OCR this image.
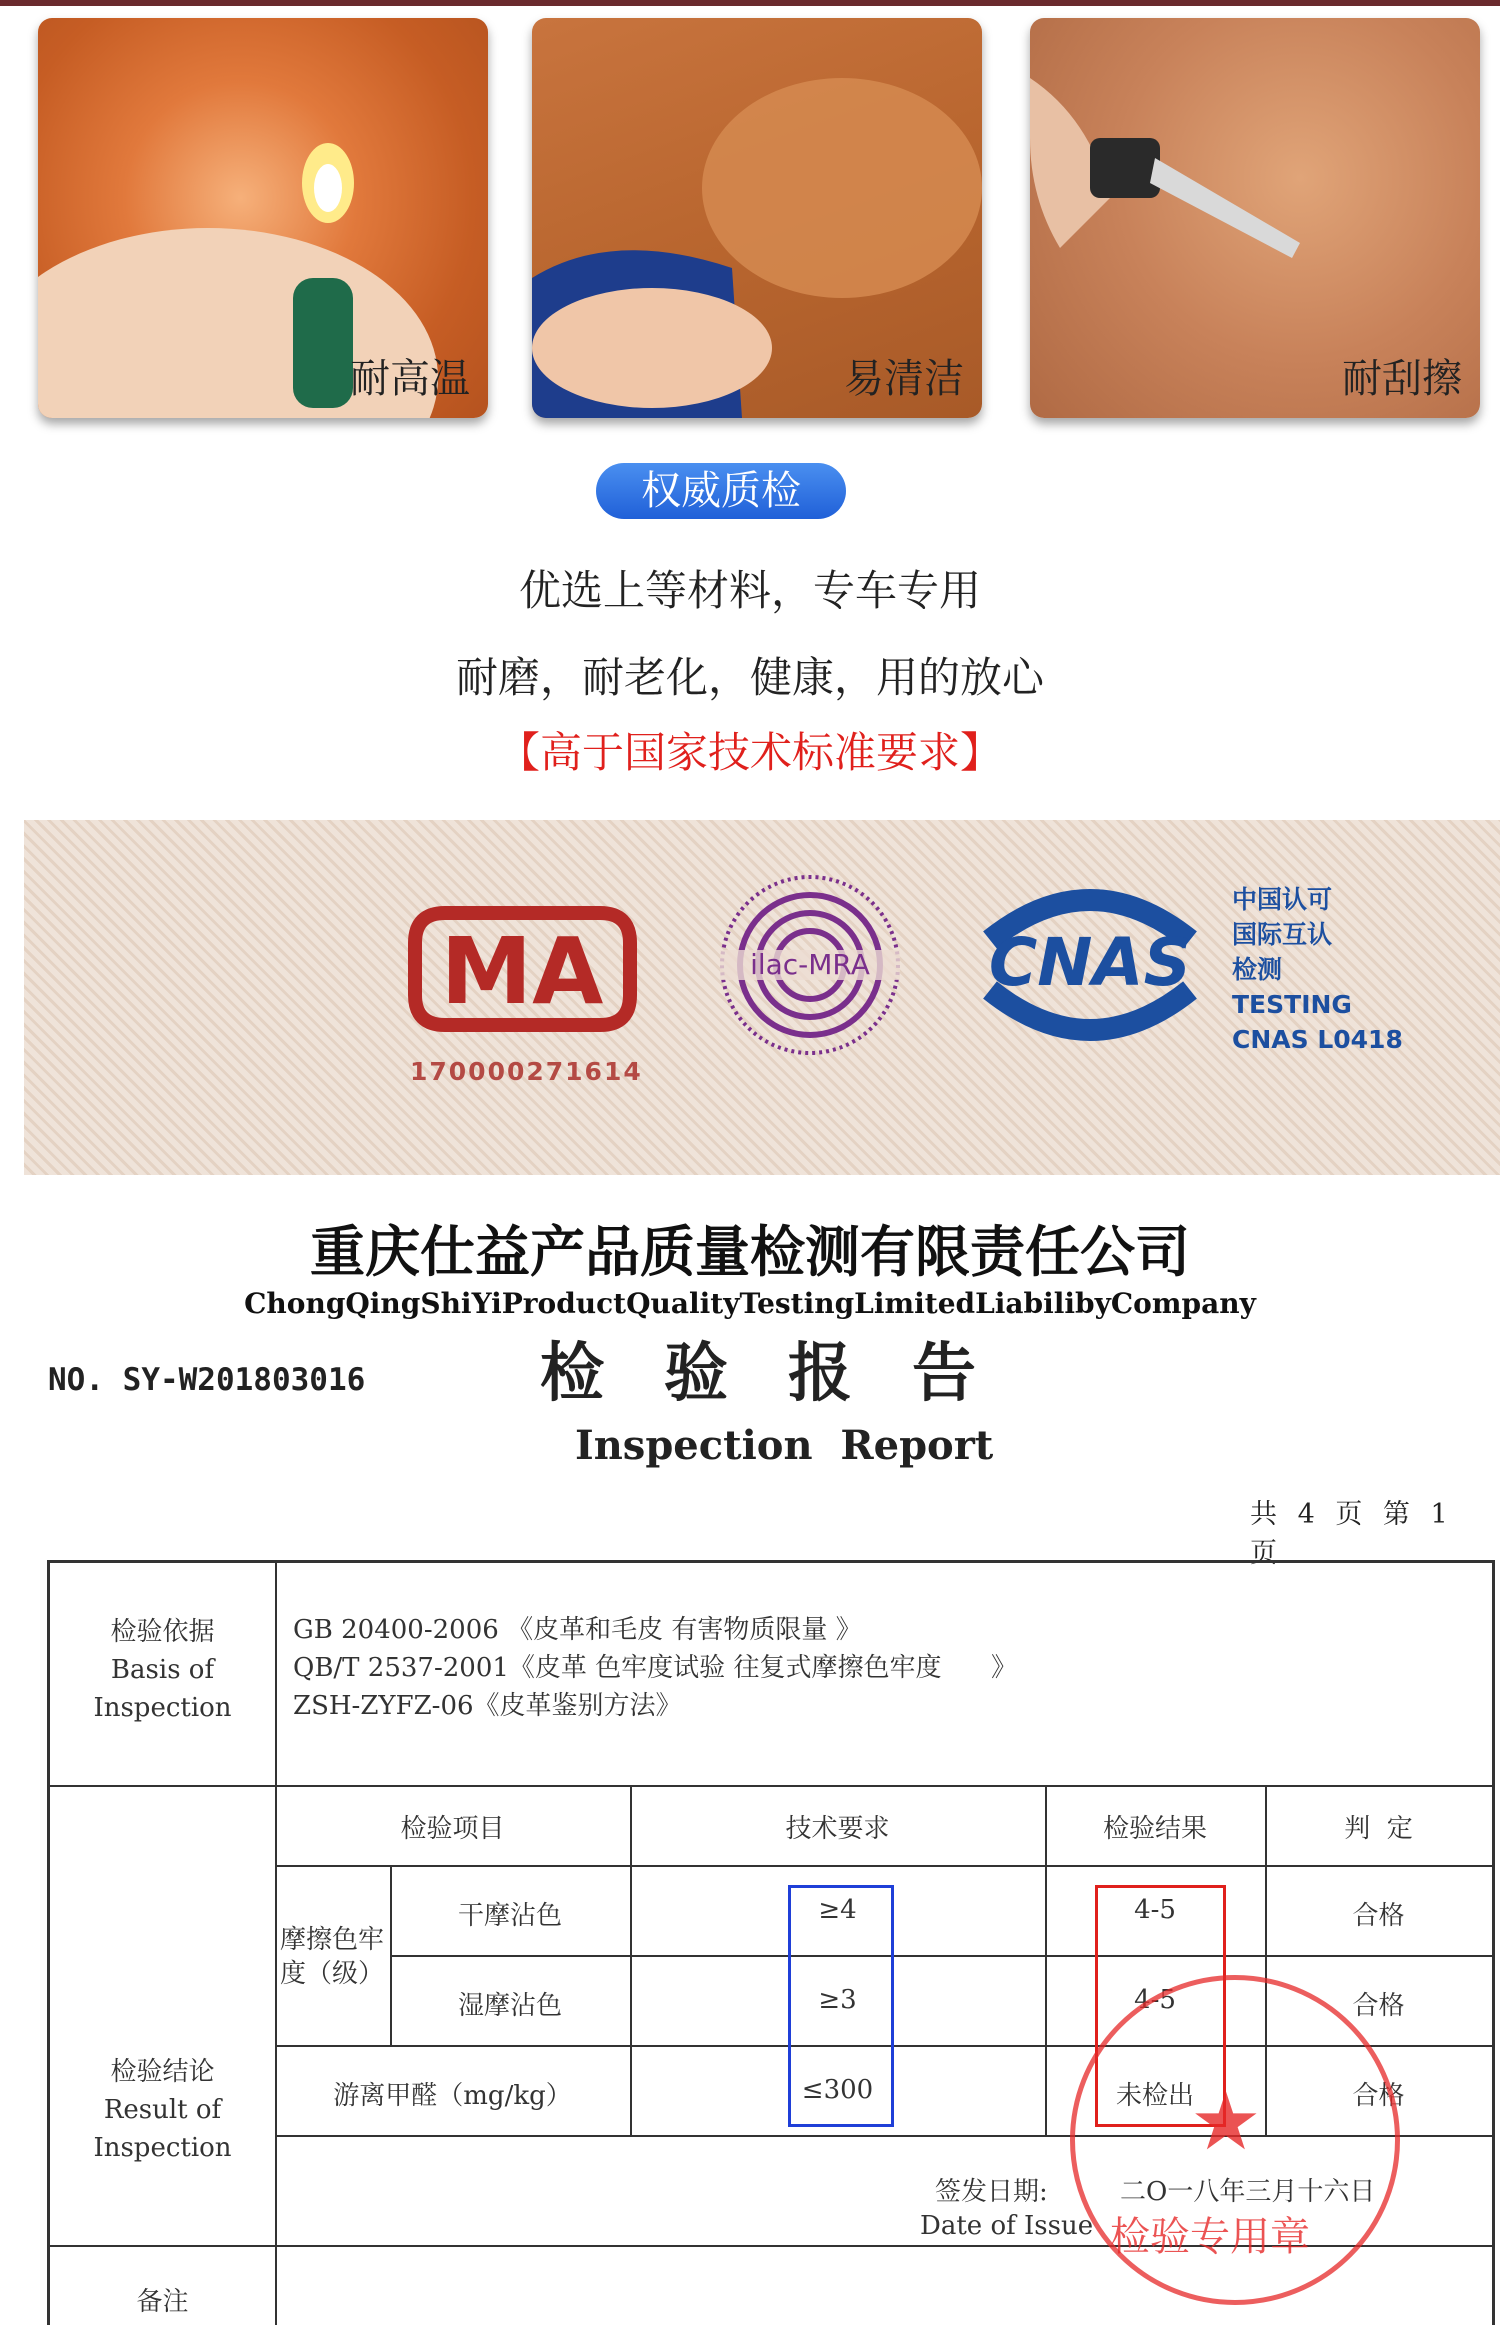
耐高温	易清洁	耐刮擦
权威质检
优选上等材料，专车专用
耐磨，耐老化，健康，用的放心
【高于国家技术标准要求】
MA
170000271614
ilac-MRA CNAS
中国认可
国际互认
检测
TESTING
CNAS L0418
重庆仕益产品质量检测有限责任公司
ChongQingShiYiProductQualityTestingLimitedLiabilibyCompany
NO. SY-W201803016	检验报告
Inspection  Report
共 4 页 第 1 页
检验依据
Basis of
Inspection
GB 20400-2006 《皮革和毛皮 有害物质限量 》
QB/T 2537-2001《皮革 色牢度试验 往复式摩擦色牢度      》
ZSH-ZYFZ-06《皮革鉴别方法》
检验结论
Result of
Inspection
检验项目	技术要求	检验结果	判  定
摩擦色牢
度（级）
干摩沾色	≥4	4-5	合格
湿摩沾色	≥3	4-5	合格
游离甲醛（mg/kg）	≤300	未检出	合格
签发日期:	二O一八年三月十六日
Date of Issue
备注
★
检验专用章
